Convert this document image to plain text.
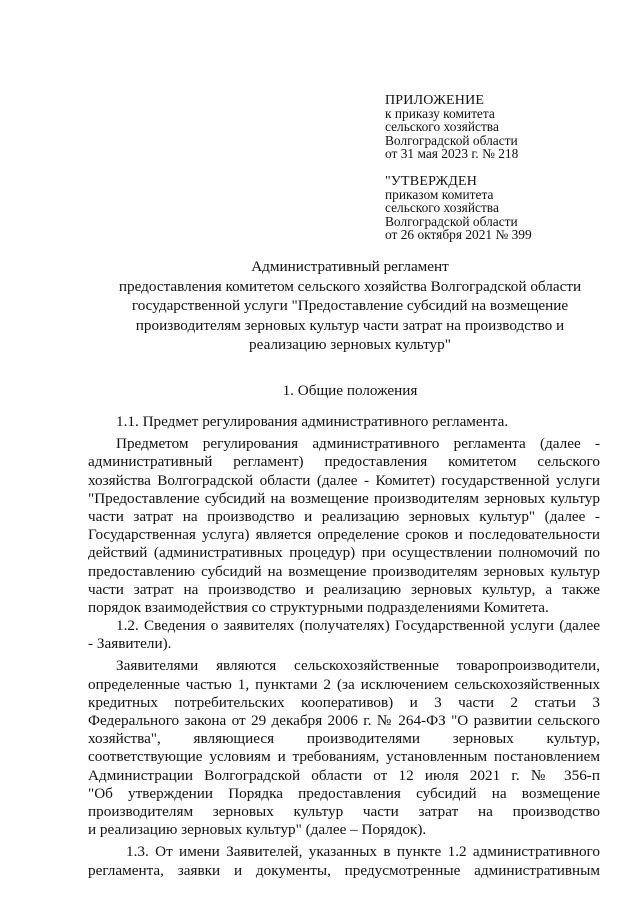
ПРИЛОЖЕНИЕ
к приказу комитета
сельского хозяйства
Волгоградской области
от 31 мая 2023 г. № 218
"УТВЕРЖДЕН
приказом комитета
сельского хозяйства
Волгоградской области
от 26 октября 2021 № 399
Административный регламент
предоставления комитетом сельского хозяйства Волгоградской области
государственной услуги "Предоставление субсидий на возмещение
производителям зерновых культур части затрат на производство и
реализацию зерновых культур"
1. Общие положения
1.1. Предмет регулирования административного регламента.
Предметом регулирования административного регламента (далее -
административный регламент) предоставления комитетом сельского
хозяйства Волгоградской области (далее - Комитет) государственной услуги
"Предоставление субсидий на возмещение производителям зерновых культур
части затрат на производство и реализацию зерновых культур" (далее -
Государственная услуга) является определение сроков и последовательности
действий (административных процедур) при осуществлении полномочий по
предоставлению субсидий на возмещение производителям зерновых культур
части затрат на производство и реализацию зерновых культур, а также
порядок взаимодействия со структурными подразделениями Комитета.
1.2. Сведения о заявителях (получателях) Государственной услуги (далее
- Заявители).
Заявителями являются сельскохозяйственные товаропроизводители,
определенные частью 1, пунктами 2 (за исключением сельскохозяйственных
кредитных потребительских кооперативов) и 3 части 2 статьи 3
Федерального закона от 29 декабря 2006 г. № 264-ФЗ "О развитии сельского
хозяйства", являющиеся производителями зерновых культур,
соответствующие условиям и требованиям, установленным постановлением
Администрации Волгоградской области от 12 июля 2021 г. № 356-п
"Об утверждении Порядка предоставления субсидий на возмещение
производителям зерновых культур части затрат на производство
и реализацию зерновых культур" (далее – Порядок).
1.3. От имени Заявителей, указанных в пункте 1.2 административного
регламента, заявки и документы, предусмотренные административным
